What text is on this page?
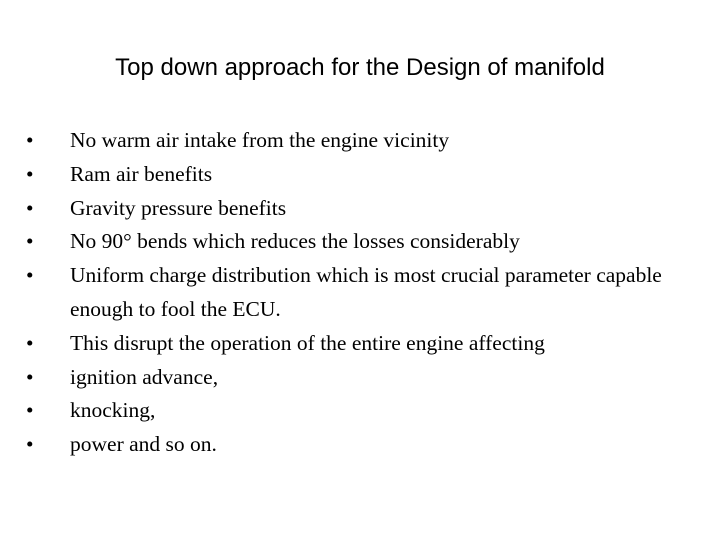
Top down approach for the Design of manifold
•	No warm air intake from the engine vicinity
•	Ram air benefits
•	Gravity pressure benefits
•	No 90° bends which reduces the losses considerably
•	Uniform charge distribution which is most crucial parameter capable enough to fool the ECU.
•	This disrupt the operation of the entire engine affecting
•	ignition advance,
•	knocking,
•	power and so on.
